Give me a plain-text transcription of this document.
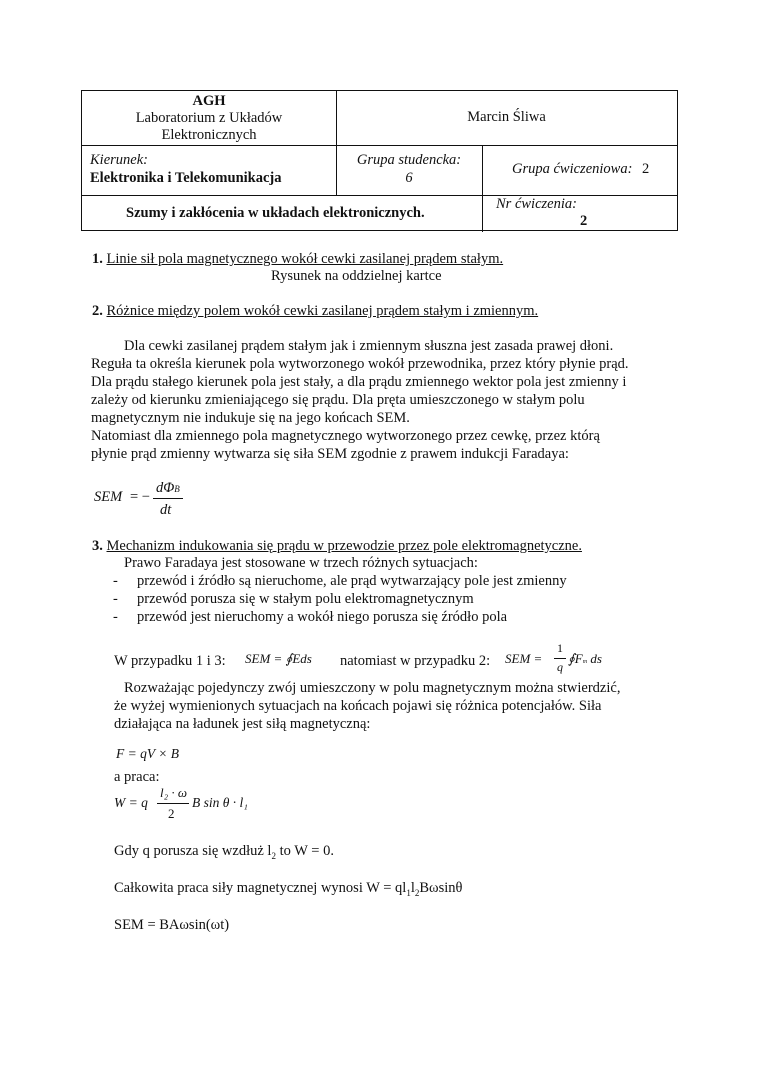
AGH
Laboratorium z Układów
Elektronicznych
Marcin Śliwa
Kierunek:
Elektronika i Telekomunikacja
Grupa studencka:
6
Grupa ćwiczeniowa: 2
Szumy i zakłócenia w układach elektronicznych.
Nr ćwiczenia:
2
1. Linie sił pola magnetycznego wokół cewki zasilanej prądem stałym.
Rysunek na oddzielnej kartce
2. Różnice między polem wokół cewki zasilanej prądem stałym i zmiennym.
Dla cewki zasilanej prądem stałym jak i zmiennym słuszna jest zasada prawej dłoni.
Reguła ta określa kierunek pola wytworzonego wokół przewodnika, przez który płynie prąd.
Dla prądu stałego kierunek pola jest stały, a dla prądu zmiennego wektor pola jest zmienny i
zależy od kierunku zmieniającego się prądu. Dla pręta umieszczonego w stałym polu
magnetycznym nie indukuje się na jego końcach SEM.
Natomiast dla zmiennego pola magnetycznego wytworzonego przez cewkę, przez którą
płynie prąd zmienny wytwarza się siła SEM zgodnie z prawem indukcji Faradaya:
SEM = −
dΦB
dt
3. Mechanizm indukowania się prądu w przewodzie przez pole elektromagnetyczne.
Prawo Faradaya jest stosowane w trzech różnych sytuacjach:
- przewód i źródło są nieruchome, ale prąd wytwarzający pole jest zmienny
- przewód porusza się w stałym polu elektromagnetycznym
- przewód jest nieruchomy a wokół niego porusza się źródło pola
W przypadku 1 i 3: SEM = ∮Eds natomiast w przypadku 2: SEM =
1
q
∮Fm ds
Rozważając pojedynczy zwój umieszczony w polu magnetycznym można stwierdzić,
że wyżej wymienionych sytuacjach na końcach pojawi się różnica potencjałów. Siła
działająca na ładunek jest siłą magnetyczną:
F = qV × B
a praca:
W = q
l₂ · ω
2
B sin θ · l₁
Gdy q porusza się wzdłuż $l_2$ to W = 0.
Całkowita praca siły magnetycznej wynosi $W = ql_1l_2B\omega\sin\theta$
SEM = BAωsin(ωt)
